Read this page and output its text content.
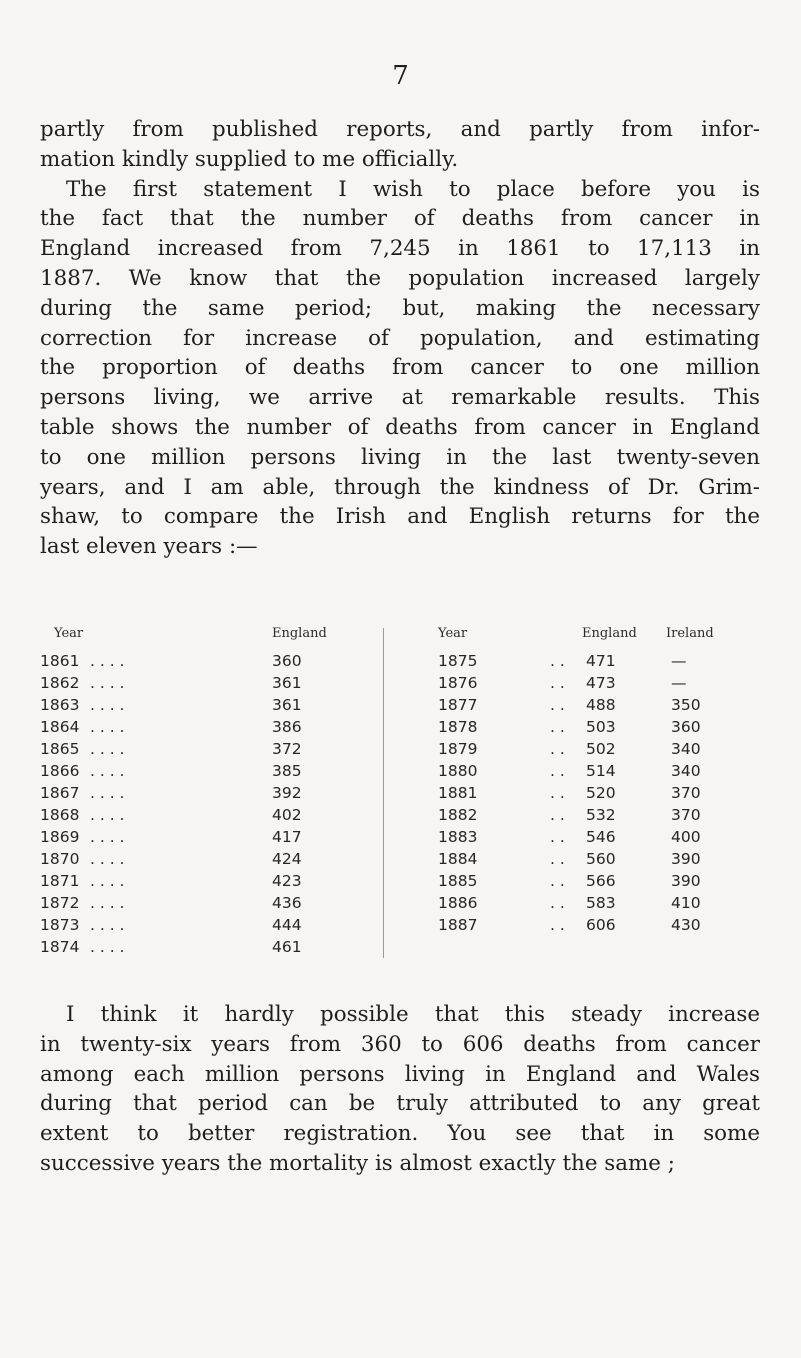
7
partly from published reports, and partly from infor-
mation kindly supplied to me officially.
The first statement I wish to place before you is
the fact that the number of deaths from cancer in
England increased from 7,245 in 1861 to 17,113 in
1887. We know that the population increased largely
during the same period; but, making the necessary
correction for increase of population, and estimating
the proportion of deaths from cancer to one million
persons living, we arrive at remarkable results. This
table shows the number of deaths from cancer in England
to one million persons living in the last twenty-seven
years, and I am able, through the kindness of Dr. Grim-
shaw, to compare the Irish and English returns for the
last eleven years :—
Year	England	Year	England Ireland
1861 . . . .	360	1875	. . 471	—
1862 . . . .	361	1876	. . 473	—
1863 . . . .	361	1877	. . 488	350
1864 . . . .	386	1878	. . 503	360
1865 . . . .	372	1879	. . 502	340
1866 . . . .	385	1880	. . 514	340
1867 . . . .	392	1881	. . 520	370
1868 . . . .	402	1882	. . 532	370
1869 . . . .	417	1883	. . 546	400
1870 . . . .	424	1884	. . 560	390
1871 . . . .	423	1885	. . 566	390
1872 . . . .	436	1886	. . 583	410
1873 . . . .	444	1887	. . 606	430
1874 . . . .	461
I think it hardly possible that this steady increase
in twenty-six years from 360 to 606 deaths from cancer
among each million persons living in England and Wales
during that period can be truly attributed to any great
extent to better registration. You see that in some
successive years the mortality is almost exactly the same ;
